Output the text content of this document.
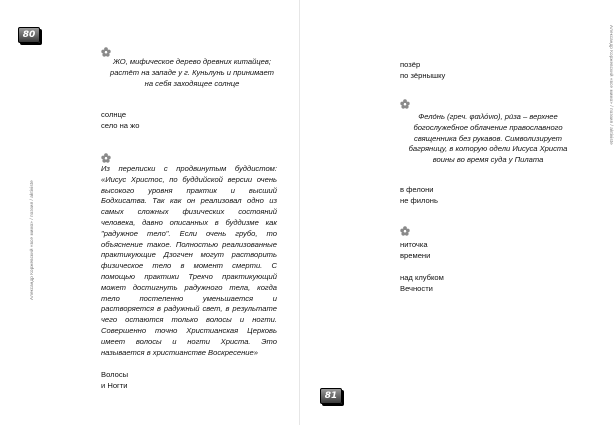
80
Александр Коржевский «все мимо» / поэзия / aktiviste
ЖО, мифическое дерево древних китайцев; растёт на западе у г. Куньлунь и принимает на себя заходящее солнце
солнце
село на жо
Из переписки с продвинутым буддистом: «Иисус Христос, по буддийской версии очень высокого уровня практик и высший Бодхисатва. Так как он реализовал одно из самых сложных физических состояний человека, давно описанных в буддизме как "радужное тело". Если очень грубо, то объяснение такое. Полностью реализованные практикующие Дзогчен могут растворить физическое тело в момент смерти. С помощью практики Трекчо практикующий может достигнуть радужного тела, когда тело постепенно уменьшается и растворяется в радужный свет, в результате чего остаются только волосы и ногти. Совершенно точно Христианская Церковь имеет волосы и ногти Христа. Это называется в христианстве Воскресение»
Волосы
и Ногти
Александр Коржевский «все мимо» / поэзия / aktiviste
81
позёр
по зёрнышку
Фело́нь (греч. φαιλόνιο), ри́за – верхнее богослужебное облачение православного священника без рукавов. Символизирует багряницу, в которую одели Иисуса Христа воины во время суда у Пилата
в фелони
не филонь
ниточка
времени
над клубком
Вечности
